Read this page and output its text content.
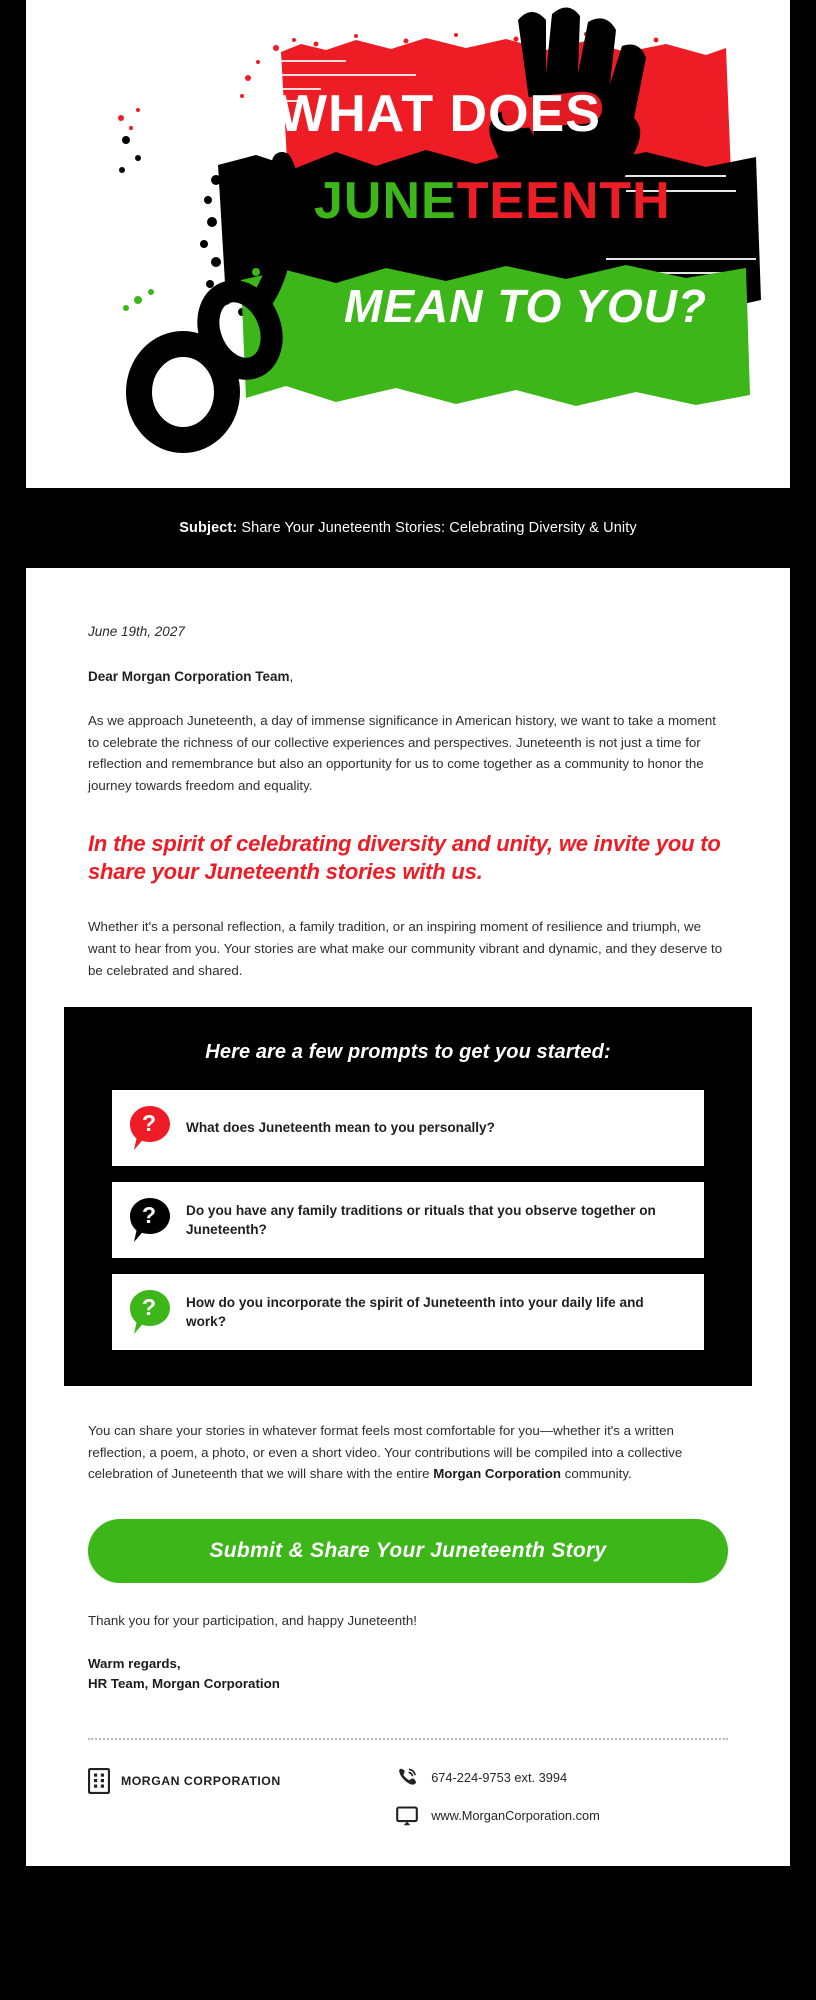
WHAT DOES
JUNETEENTH
MEAN TO YOU?
Subject: Share Your Juneteenth Stories: Celebrating Diversity & Unity
June 19th, 2027
Dear Morgan Corporation Team,

As we approach Juneteenth, a day of immense significance in American history, we want to take a moment to celebrate the richness of our collective experiences and perspectives. Juneteenth is not just a time for reflection and remembrance but also an opportunity for us to come together as a community to honor the journey towards freedom and equality.

In the spirit of celebrating diversity and unity, we invite you to share your Juneteenth stories with us.

Whether it's a personal reflection, a family tradition, or an inspiring moment of resilience and triumph, we want to hear from you. Your stories are what make our community vibrant and dynamic, and they deserve to be celebrated and shared.

Here are a few prompts to get you started:
? What does Juneteenth mean to you personally?
? Do you have any family traditions or rituals that you observe together on Juneteenth?
? How do you incorporate the spirit of Juneteenth into your daily life and work?

You can share your stories in whatever format feels most comfortable for you—whether it's a written reflection, a poem, a photo, or even a short video. Your contributions will be compiled into a collective celebration of Juneteenth that we will share with the entire Morgan Corporation community.

Submit & Share Your Juneteenth Story

Thank you for your participation, and happy Juneteenth!

Warm regards,
HR Team, Morgan Corporation
MORGAN CORPORATION	674-224-9753 ext. 3994
www.MorganCorporation.com
